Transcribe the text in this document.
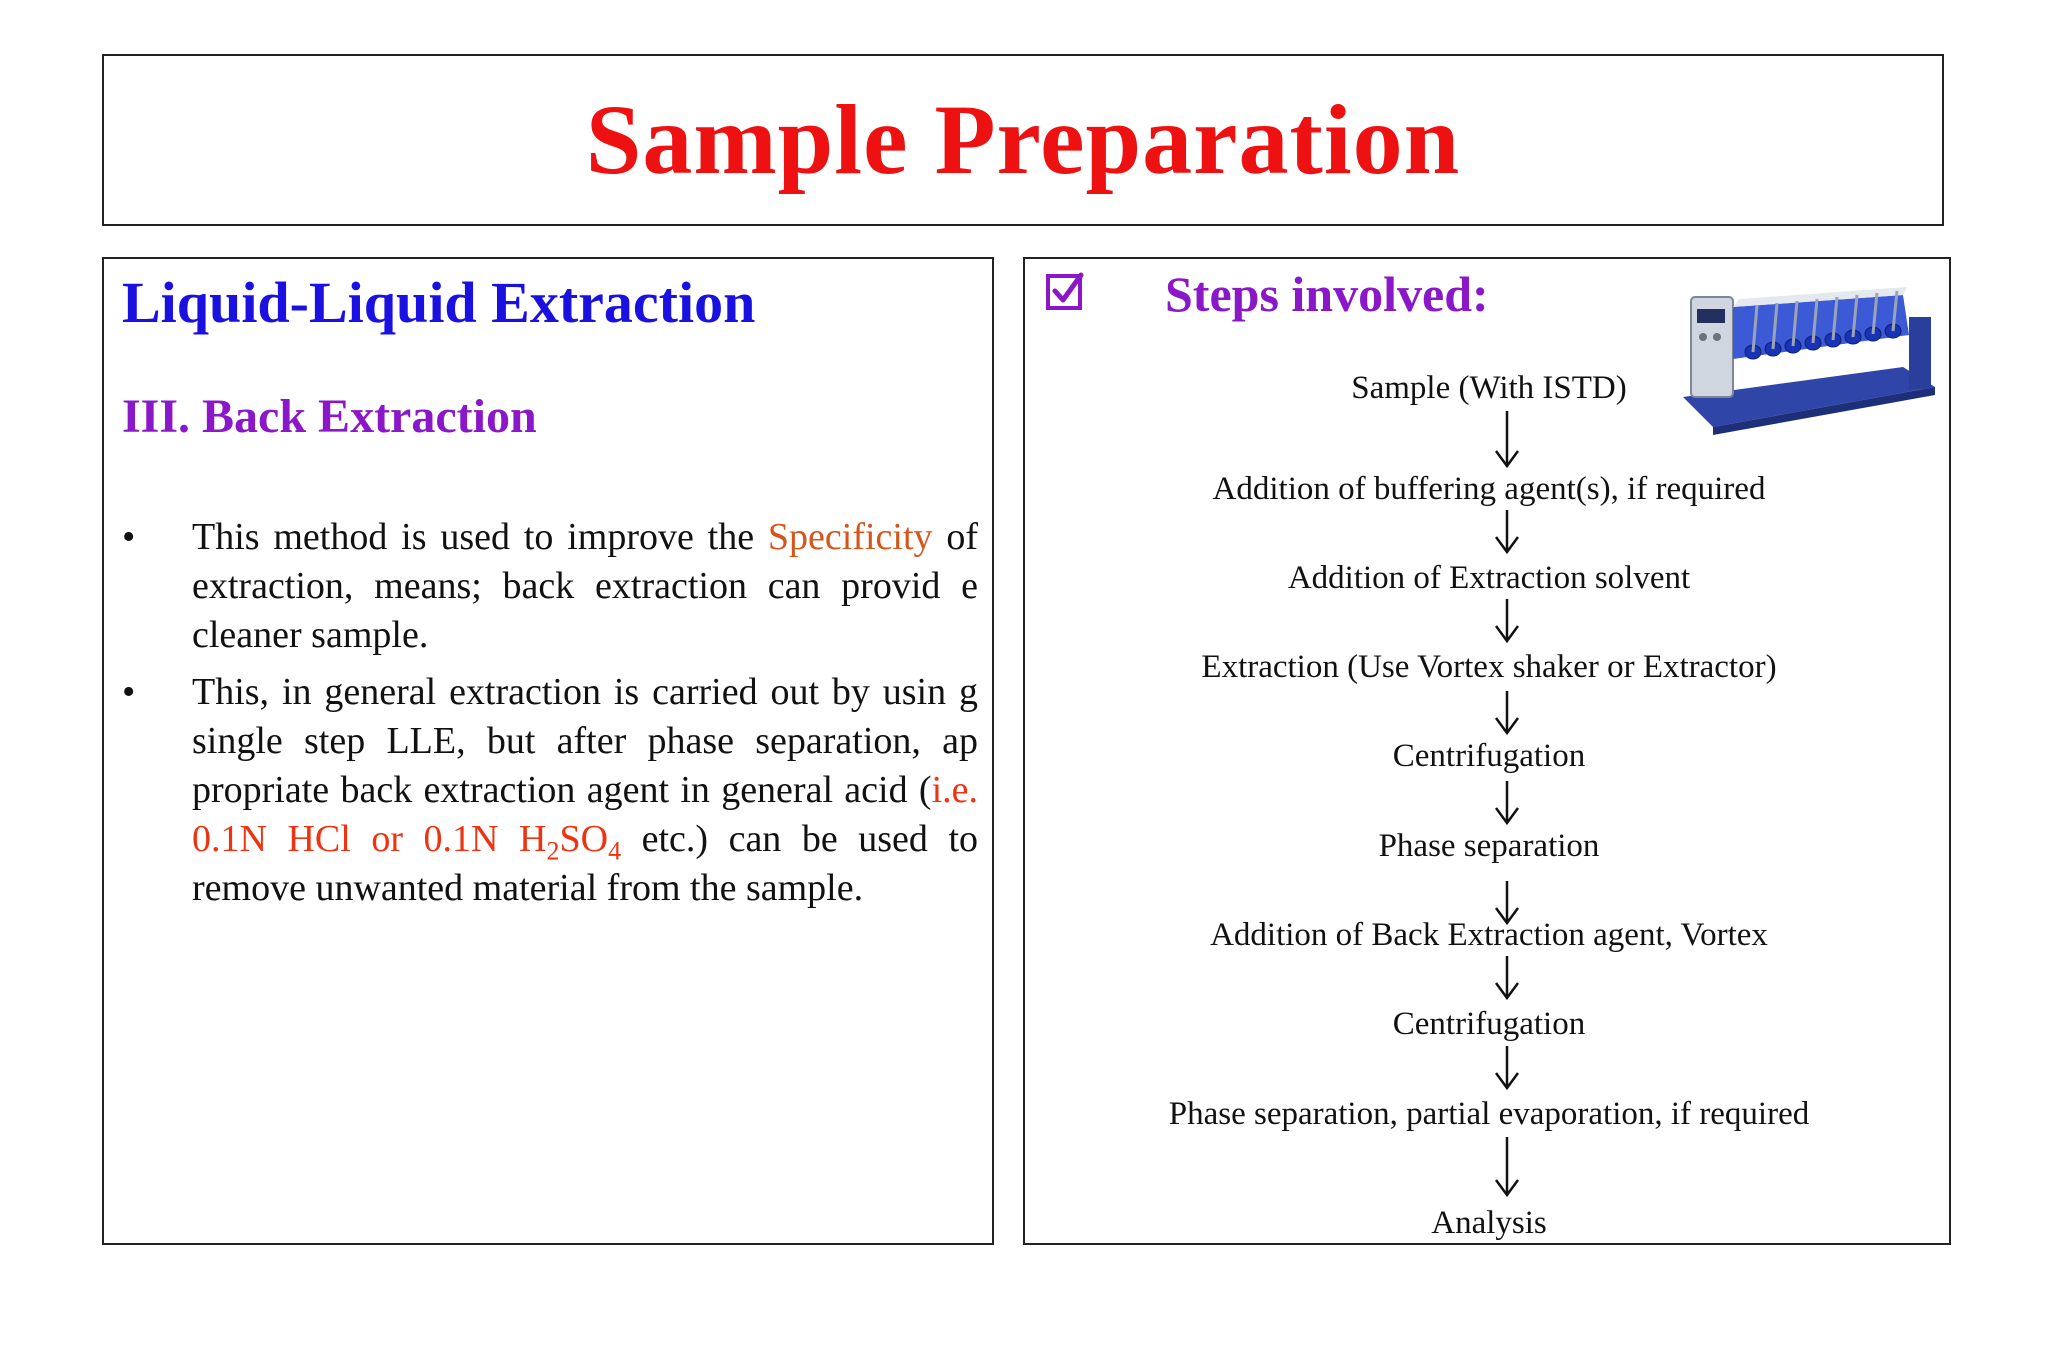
Sample Preparation
Liquid-Liquid Extraction
III. Back Extraction
• This method is used to improve the Specificity of extraction, means; back extraction can provid e cleaner sample.
• This, in general extraction is carried out by usin g single step LLE, but after phase separation, ap propriate back extraction agent in general acid (i.e. 0.1N HCl or 0.1N $H_2SO_4$ etc.) can be used to remove unwanted material from the sample.
Steps involved:
Sample (With ISTD)
Addition of buffering agent(s), if required
Addition of Extraction solvent
Extraction (Use Vortex shaker or Extractor)
Centrifugation
Phase separation
Addition of Back Extraction agent, Vortex
Centrifugation
Phase separation, partial evaporation, if required
Analysis
